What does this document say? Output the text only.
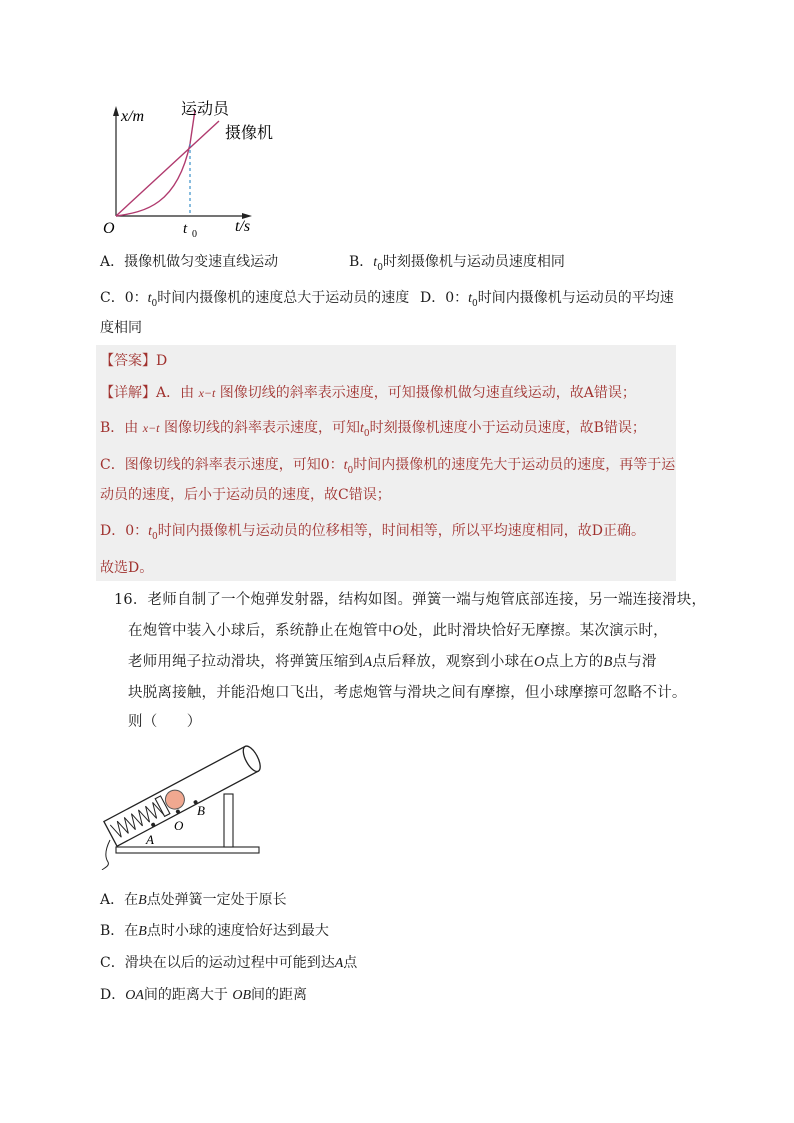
x/m
t/s
O	t 0
运动员
摄像机
A．摄像机做匀变速直线运动	B．$t_0$时刻摄像机与运动员速度相同
C．0：$t_0$时间内摄像机的速度总大于运动员的速度 D．0：$t_0$时间内摄像机与运动员的平均速
度相同
【答案】D
【详解】A．由 x−t 图像切线的斜率表示速度，可知摄像机做匀速直线运动，故A错误；
B．由 x−t 图像切线的斜率表示速度，可知$t_0$时刻摄像机速度小于运动员速度，故B错误；
C．图像切线的斜率表示速度，可知0：$t_0$时间内摄像机的速度先大于运动员的速度，再等于运
动员的速度，后小于运动员的速度，故C错误；
D．0：$t_0$时间内摄像机与运动员的位移相等，时间相等，所以平均速度相同，故D正确。
故选D。
16．老师自制了一个炮弹发射器，结构如图。弹簧一端与炮管底部连接，另一端连接滑块，
在炮管中装入小球后，系统静止在炮管中O处，此时滑块恰好无摩擦。某次演示时，
老师用绳子拉动滑块，将弹簧压缩到A点后释放，观察到小球在O点上方的B点与滑
块脱离接触，并能沿炮口飞出，考虑炮管与滑块之间有摩擦，但小球摩擦可忽略不计。
则（　　）
A
O
B
A．在B点处弹簧一定处于原长
B．在B点时小球的速度恰好达到最大
C．滑块在以后的运动过程中可能到达A点
D．OA间的距离大于 OB间的距离
